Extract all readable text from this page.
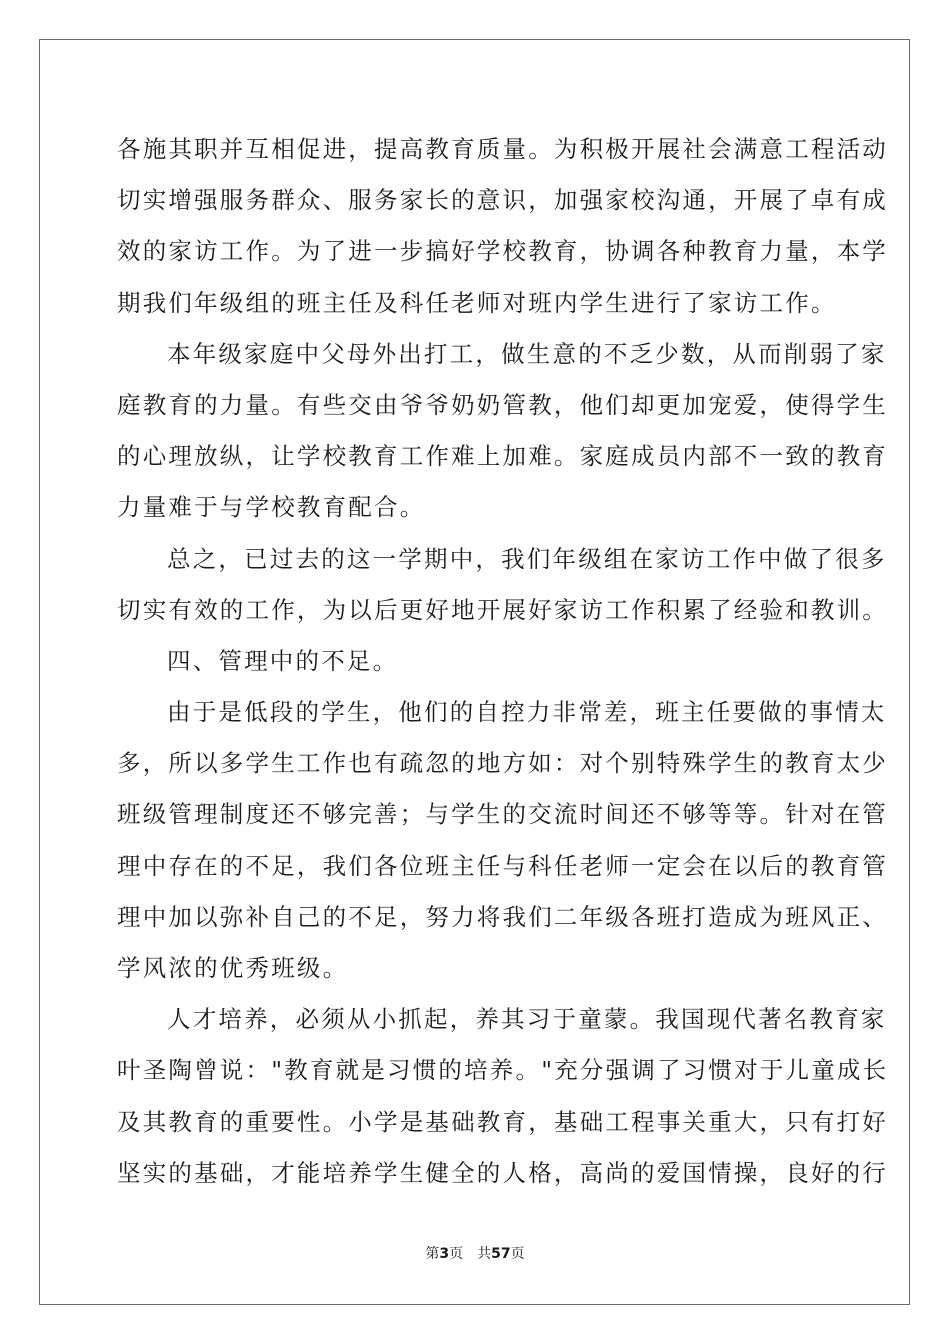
各施其职并互相促进，提高教育质量。为积极开展社会满意工程活动
切实增强服务群众、服务家长的意识，加强家校沟通，开展了卓有成
效的家访工作。为了进一步搞好学校教育，协调各种教育力量，本学
期我们年级组的班主任及科任老师对班内学生进行了家访工作。
本年级家庭中父母外出打工，做生意的不乏少数，从而削弱了家
庭教育的力量。有些交由爷爷奶奶管教，他们却更加宠爱，使得学生
的心理放纵，让学校教育工作难上加难。家庭成员内部不一致的教育
力量难于与学校教育配合。
总之，已过去的这一学期中，我们年级组在家访工作中做了很多
切实有效的工作，为以后更好地开展好家访工作积累了经验和教训。
四、管理中的不足。
由于是低段的学生，他们的自控力非常差，班主任要做的事情太
多，所以多学生工作也有疏忽的地方如：对个别特殊学生的教育太少
班级管理制度还不够完善；与学生的交流时间还不够等等。针对在管
理中存在的不足，我们各位班主任与科任老师一定会在以后的教育管
理中加以弥补自己的不足，努力将我们二年级各班打造成为班风正、
学风浓的优秀班级。
人才培养，必须从小抓起，养其习于童蒙。我国现代著名教育家
叶圣陶曾说："教育就是习惯的培养。"充分强调了习惯对于儿童成长
及其教育的重要性。小学是基础教育，基础工程事关重大，只有打好
坚实的基础，才能培养学生健全的人格，高尚的爱国情操，良好的行
第3页 共57页
